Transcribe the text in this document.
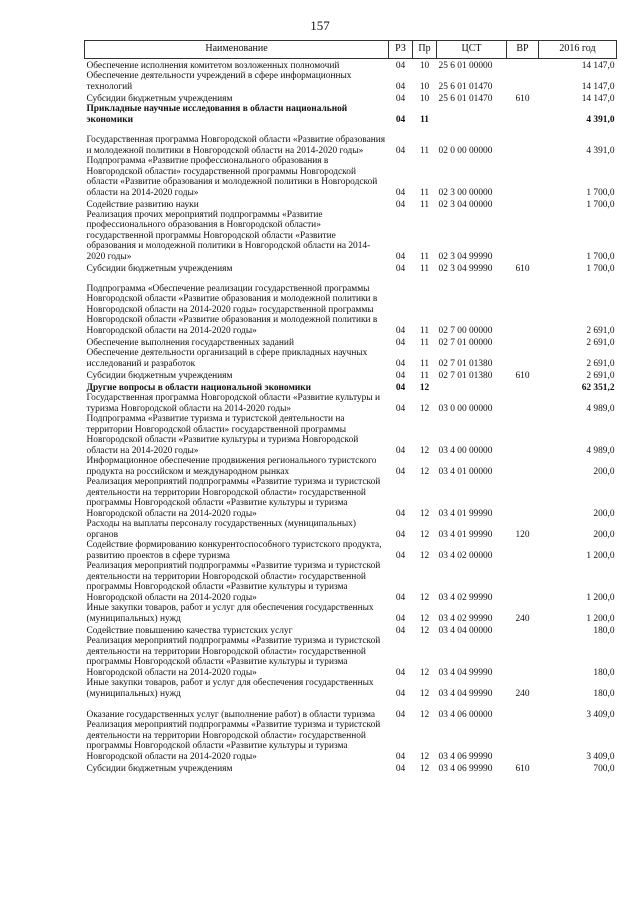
157
Наименование	РЗ	Пр	ЦСТ	ВР	2016 год
Обеспечение исполнения комитетом возложенных полномочий	04	10	25 6 01 00000		14 147,0
Обеспечение деятельности учреждений в сфере информационных технологий	04	10	25 6 01 01470		14 147,0
Субсидии бюджетным учреждениям	04	10	25 6 01 01470	610	14 147,0
Прикладные научные исследования в области национальной экономики	04	11			4 391,0
Государственная программа Новгородской области «Развитие образования и молодежной политики в Новгородской области на 2014-2020 годы»	04	11	02 0 00 00000		4 391,0
Подпрограмма «Развитие профессионального образования в Новгородской области» государственной программы Новгородской области «Развитие образования и молодежной политики в Новгородской области на 2014-2020 годы»	04	11	02 3 00 00000		1 700,0
Содействие развитию науки	04	11	02 3 04 00000		1 700,0
Реализация прочих мероприятий подпрограммы «Развитие профессионального образования в Новгородской области» государственной программы Новгородской области «Развитие образования и молодежной политики в Новгородской области на 2014-2020 годы»	04	11	02 3 04 99990		1 700,0
Субсидии бюджетным учреждениям	04	11	02 3 04 99990	610	1 700,0
Подпрограмма «Обеспечение реализации государственной программы Новгородской области «Развитие образования и молодежной политики в Новгородской области на 2014-2020 годы» государственной программы Новгородской области «Развитие образования и молодежной политики в Новгородской области на 2014-2020 годы»	04	11	02 7 00 00000		2 691,0
Обеспечение выполнения государственных заданий	04	11	02 7 01 00000		2 691,0
Обеспечение деятельности организаций в сфере прикладных научных исследований и разработок	04	11	02 7 01 01380		2 691,0
Субсидии бюджетным учреждениям	04	11	02 7 01 01380	610	2 691,0
Другие вопросы в области национальной экономики	04	12			62 351,2
Государственная программа Новгородской области «Развитие культуры и туризма Новгородской области на 2014-2020 годы»	04	12	03 0 00 00000		4 989,0
Подпрограмма «Развитие туризма и туристской деятельности на территории Новгородской области» государственной программы Новгородской области «Развитие культуры и туризма Новгородской области на 2014-2020 годы»	04	12	03 4 00 00000		4 989,0
Информационное обеспечение продвижения регионального туристского продукта на российском и международном рынках	04	12	03 4 01 00000		200,0
Реализация мероприятий подпрограммы «Развитие туризма и туристской деятельности на территории Новгородской области» государственной программы Новгородской области «Развитие культуры и туризма Новгородской области на 2014-2020 годы»	04	12	03 4 01 99990		200,0
Расходы на выплаты персоналу государственных (муниципальных) органов	04	12	03 4 01 99990	120	200,0
Содействие формированию конкурентоспособного туристского продукта, развитию проектов в сфере туризма	04	12	03 4 02 00000		1 200,0
Реализация мероприятий подпрограммы «Развитие туризма и туристской деятельности на территории Новгородской области» государственной программы Новгородской области «Развитие культуры и туризма Новгородской области на 2014-2020 годы»	04	12	03 4 02 99990		1 200,0
Иные закупки товаров, работ и услуг для обеспечения государственных (муниципальных) нужд	04	12	03 4 02 99990	240	1 200,0
Содействие повышению качества туристских услуг	04	12	03 4 04 00000		180,0
Реализация мероприятий подпрограммы «Развитие туризма и туристской деятельности на территории Новгородской области» государственной программы Новгородской области «Развитие культуры и туризма Новгородской области на 2014-2020 годы»	04	12	03 4 04 99990		180,0
Иные закупки товаров, работ и услуг для обеспечения государственных (муниципальных) нужд	04	12	03 4 04 99990	240	180,0
Оказание государственных услуг (выполнение работ) в области туризма	04	12	03 4 06 00000		3 409,0
Реализация мероприятий подпрограммы «Развитие туризма и туристской деятельности на территории Новгородской области» государственной программы Новгородской области «Развитие культуры и туризма Новгородской области на 2014-2020 годы»	04	12	03 4 06 99990		3 409,0
Субсидии бюджетным учреждениям	04	12	03 4 06 99990	610	700,0
